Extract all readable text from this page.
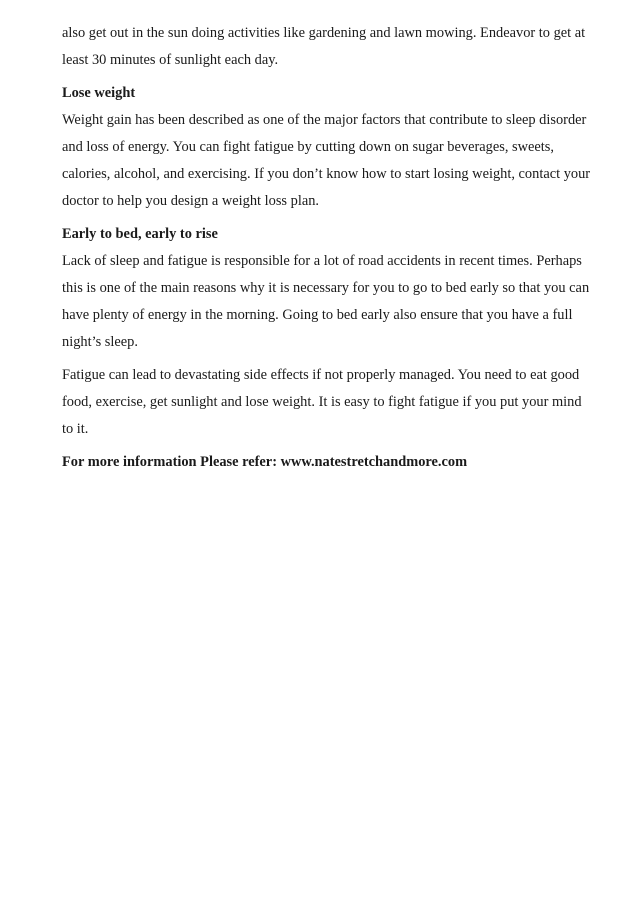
also get out in the sun doing activities like gardening and lawn mowing. Endeavor to get at
least 30 minutes of sunlight each day.
Lose weight
Weight gain has been described as one of the major factors that contribute to sleep disorder
and loss of energy. You can fight fatigue by cutting down on sugar beverages, sweets,
calories, alcohol, and exercising. If you don’t know how to start losing weight, contact your
doctor to help you design a weight loss plan.
Early to bed, early to rise
Lack of sleep and fatigue is responsible for a lot of road accidents in recent times. Perhaps
this is one of the main reasons why it is necessary for you to go to bed early so that you can
have plenty of energy in the morning. Going to bed early also ensure that you have a full
night’s sleep.
Fatigue can lead to devastating side effects if not properly managed. You need to eat good
food, exercise, get sunlight and lose weight. It is easy to fight fatigue if you put your mind
to it.
For more information Please refer: www.natestretchandmore.com
